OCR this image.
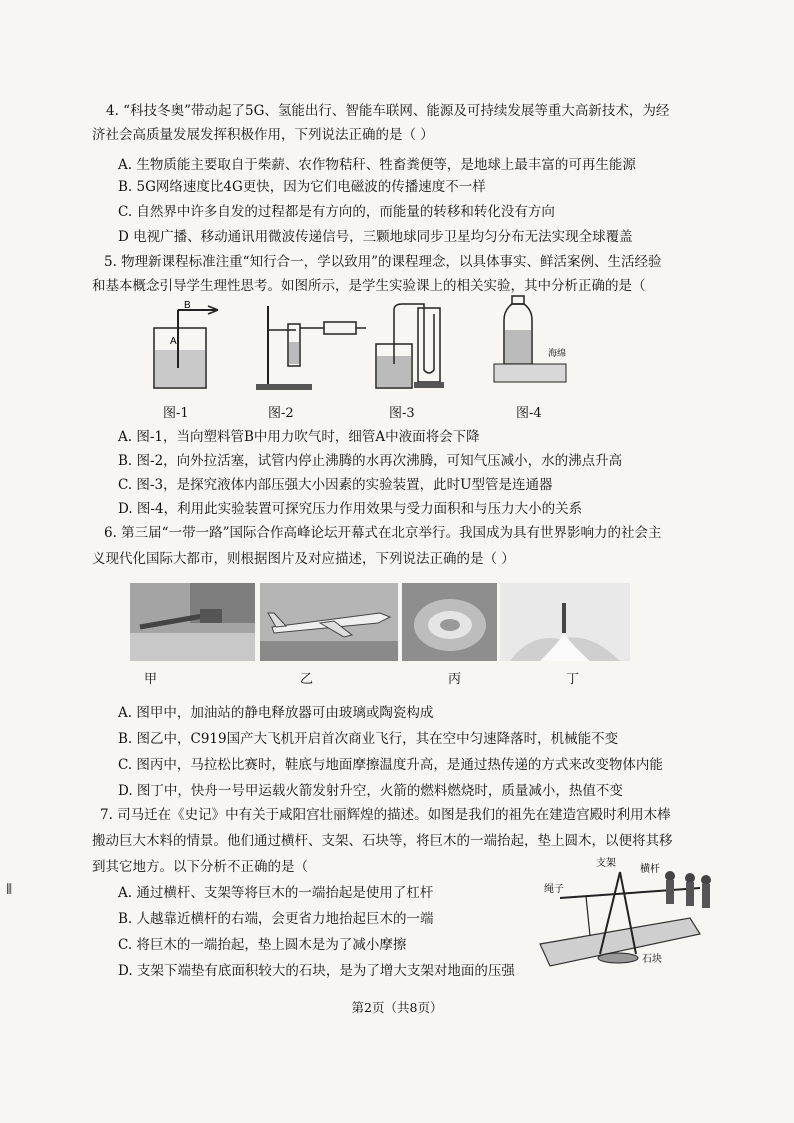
4. “科技冬奥”带动起了5G、氢能出行、智能车联网、能源及可持续发展等重大高新技术，为经
济社会高质量发展发挥积极作用，下列说法正确的是（ ）
A. 生物质能主要取自于柴薪、农作物秸秆、牲畜粪便等，是地球上最丰富的可再生能源
B. 5G网络速度比4G更快，因为它们电磁波的传播速度不一样
C. 自然界中许多自发的过程都是有方向的，而能量的转移和转化没有方向
D 电视广播、移动通讯用微波传递信号，三颗地球同步卫星均匀分布无法实现全球覆盖
5. 物理新课程标准注重“知行合一，学以致用”的课程理念，以具体事实、鲜活案例、生活经验
和基本概念引导学生理性思考。如图所示，是学生实验课上的相关实验，其中分析正确的是（
B
A
图-1	图-2	图-3
海绵
图-4
A. 图-1，当向塑料管B中用力吹气时，细管A中液面将会下降
B. 图-2，向外拉活塞，试管内停止沸腾的水再次沸腾，可知气压减小，水的沸点升高
C. 图-3，是探究液体内部压强大小因素的实验装置，此时U型管是连通器
D. 图-4，利用此实验装置可探究压力作用效果与受力面积和与压力大小的关系
6. 第三届“一带一路”国际合作高峰论坛开幕式在北京举行。我国成为具有世界影响力的社会主
义现代化国际大都市，则根据图片及对应描述，下列说法正确的是（ ）
甲	乙	丙	丁
A. 图甲中，加油站的静电释放器可由玻璃或陶瓷构成
B. 图乙中，C919国产大飞机开启首次商业飞行，其在空中匀速降落时，机械能不变
C. 图丙中，马拉松比赛时，鞋底与地面摩擦温度升高，是通过热传递的方式来改变物体内能
D. 图丁中，快舟一号甲运载火箭发射升空，火箭的燃料燃烧时，质量减小，热值不变
7. 司马迁在《史记》中有关于咸阳宫壮丽辉煌的描述。如图是我们的祖先在建造宫殿时利用木棒
搬动巨大木料的情景。他们通过横杆、支架、石块等，将巨木的一端抬起，垫上圆木，以便将其移
到其它地方。以下分析不正确的是（
A. 通过横杆、支架等将巨木的一端抬起是使用了杠杆
B. 人越靠近横杆的右端，会更省力地抬起巨木的一端
C. 将巨木的一端抬起，垫上圆木是为了减小摩擦
D. 支架下端垫有底面积较大的石块，是为了增大支架对地面的压强
支架
绳子
横杆
石块
第2页（共8页）
⦀
